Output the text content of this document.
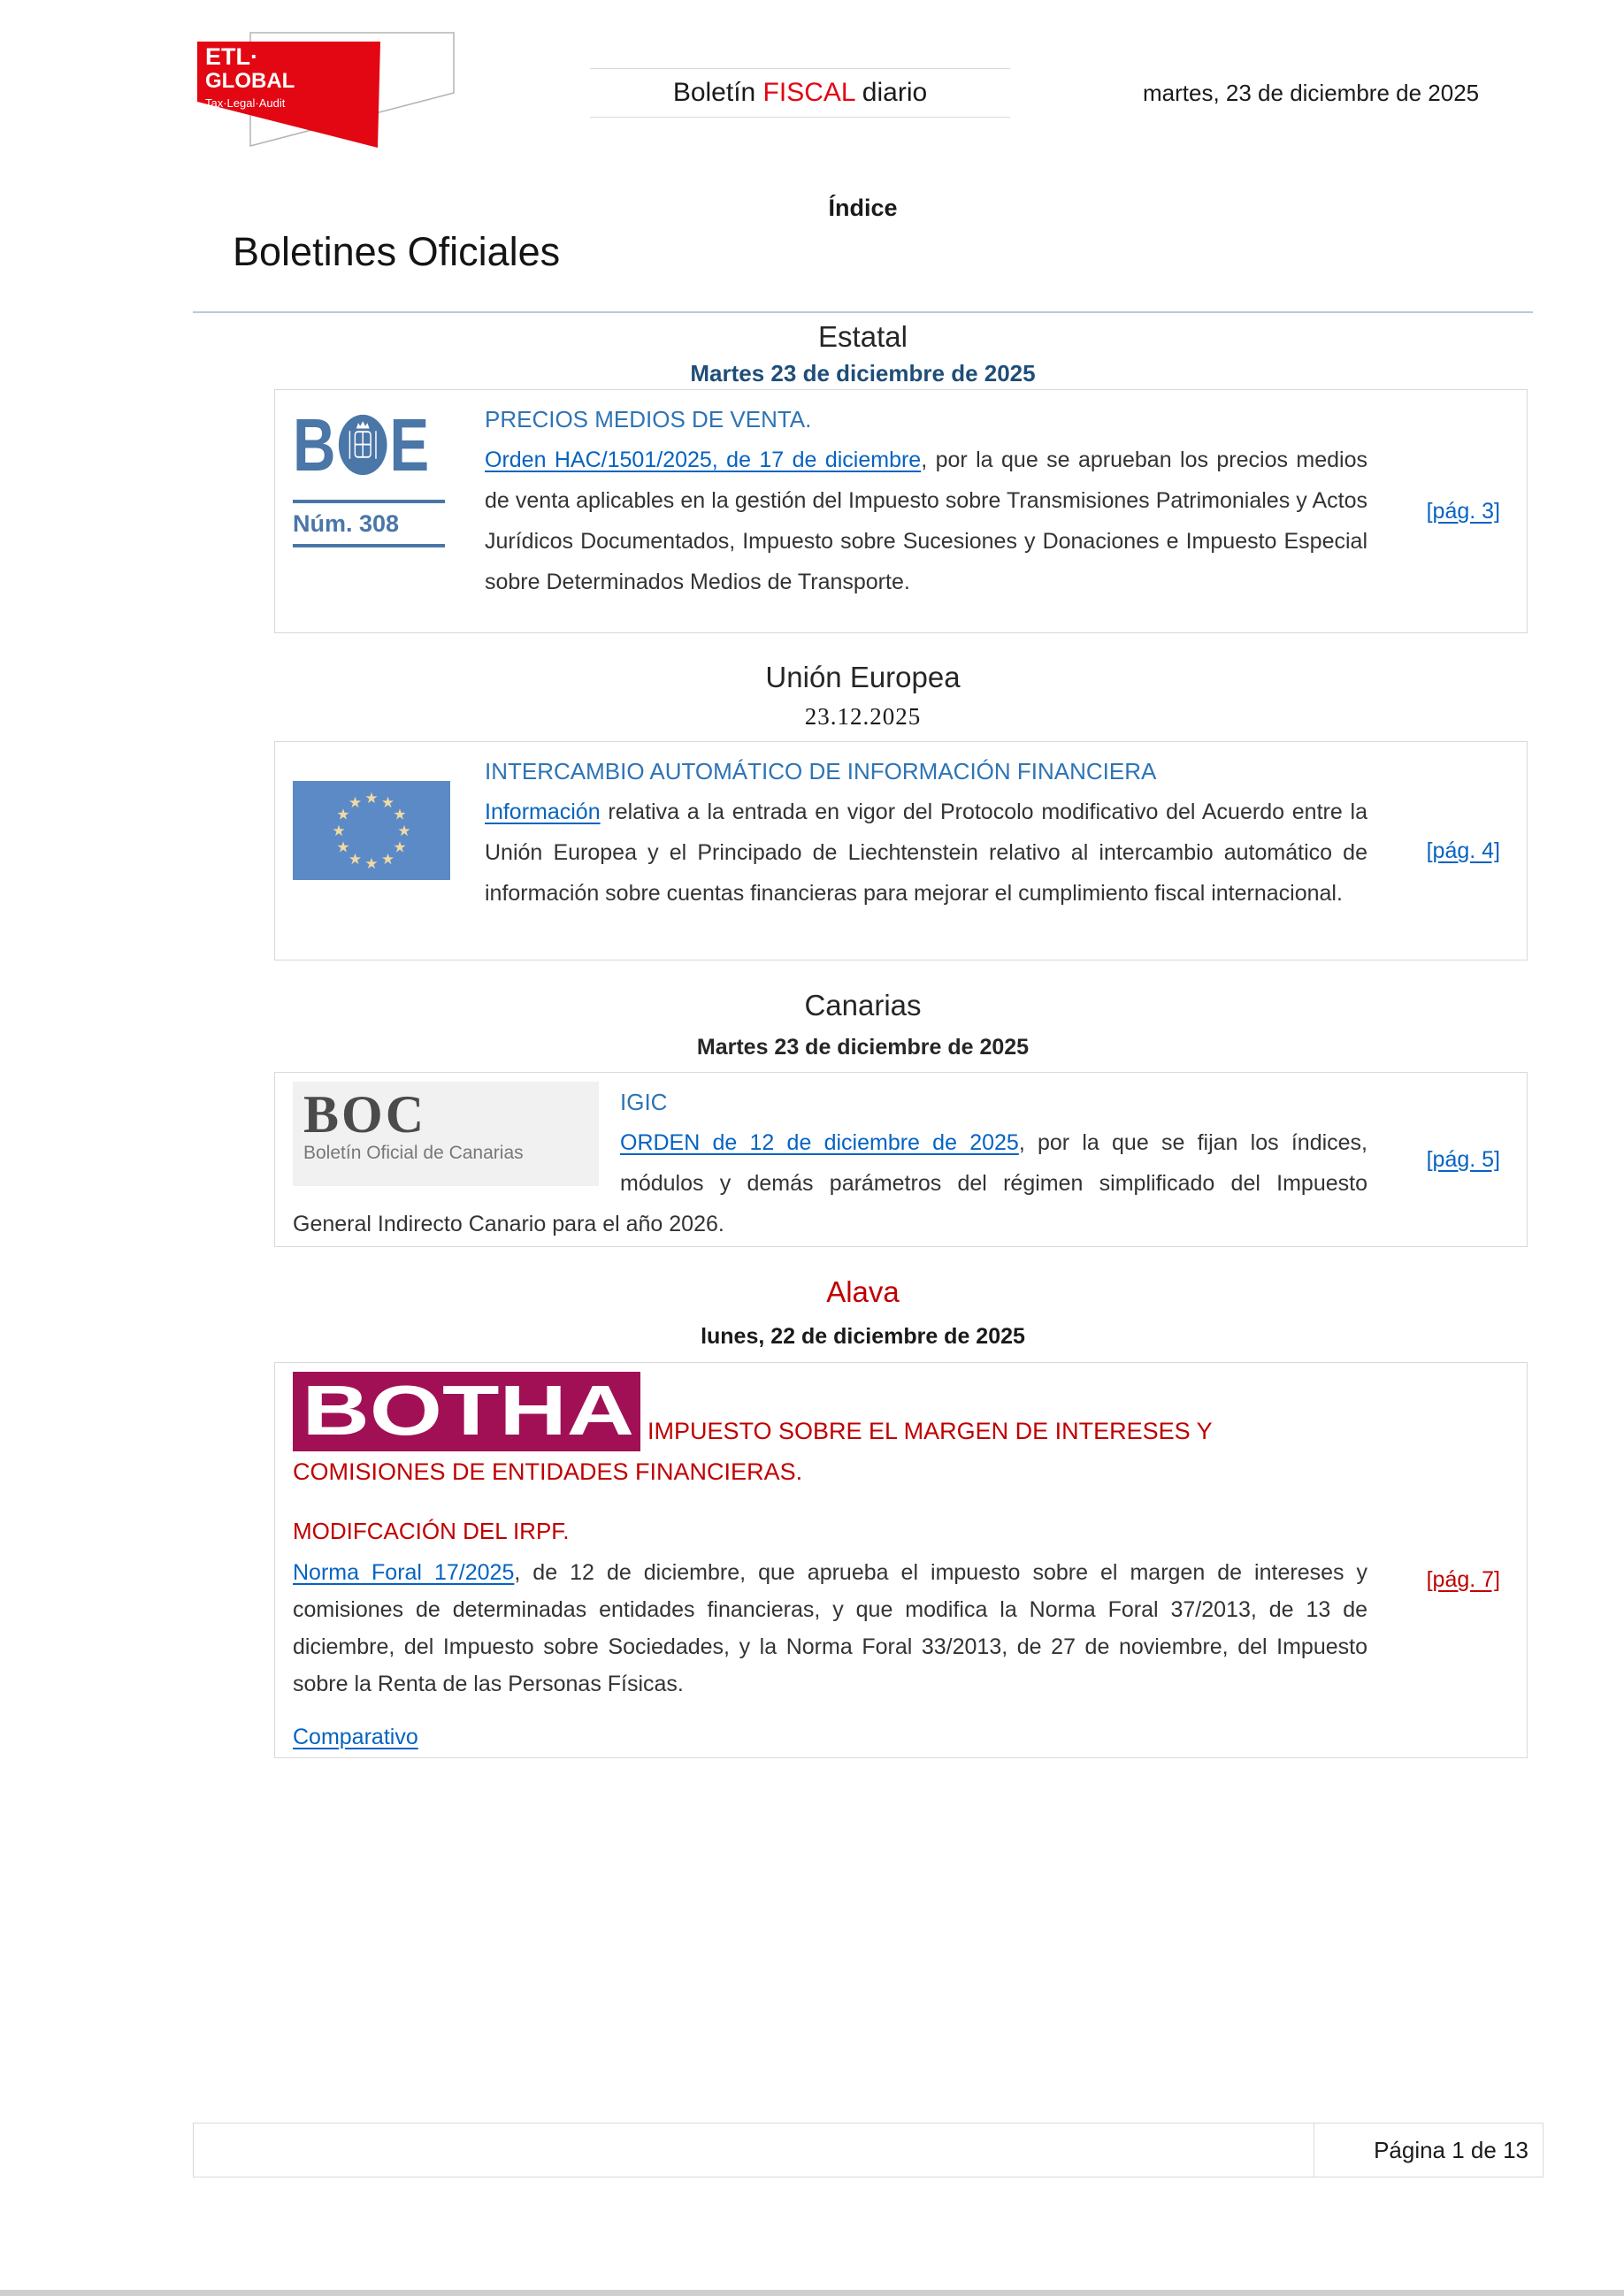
ETL·
GLOBAL
Tax·Legal·Audit	Boletín FISCAL diario	martes, 23 de diciembre de 2025
Índice
Boletines Oficiales
Estatal
Martes 23 de diciembre de 2025
B E
Núm. 308
PRECIOS MEDIOS DE VENTA.

Orden HAC/1501/2025, de 17 de diciembre, por la que se aprueban los precios medios de venta aplicables en la gestión del Impuesto sobre Transmisiones Patrimoniales y Actos Jurídicos Documentados, Impuesto sobre Sucesiones y Donaciones e Impuesto Especial sobre Determinados Medios de Transporte.

[pág. 3]
Unión Europea
23.12.2025
★ ★
★
★
★
★
★
★
★
★
★
★
INTERCAMBIO AUTOMÁTICO DE INFORMACIÓN FINANCIERA

Información relativa a la entrada en vigor del Protocolo modificativo del Acuerdo entre la Unión Europea y el Principado de Liechtenstein relativo al intercambio automático de información sobre cuentas financieras para mejorar el cumplimiento fiscal internacional.

[pág. 4]
Canarias
Martes 23 de diciembre de 2025
BOC
Boletín Oficial de Canarias
IGIC

ORDEN de 12 de diciembre de 2025, por la que se fijan los índices, módulos y demás parámetros del régimen simplificado del Impuesto General Indirecto Canario para el año 2026.

[pág. 5]
Alava
lunes, 22 de diciembre de 2025
BOTHA IMPUESTO SOBRE EL MARGEN DE INTERESES Y COMISIONES DE ENTIDADES FINANCIERAS.
MODIFCACIÓN DEL IRPF.

Norma Foral 17/2025, de 12 de diciembre, que aprueba el impuesto sobre el margen de intereses y comisiones de determinadas entidades financieras, y que modifica la Norma Foral 37/2013, de 13 de diciembre, del Impuesto sobre Sociedades, y la Norma Foral 33/2013, de 27 de noviembre, del Impuesto sobre la Renta de las Personas Físicas.

Comparativo
[pág. 7]
Página 1 de 13
